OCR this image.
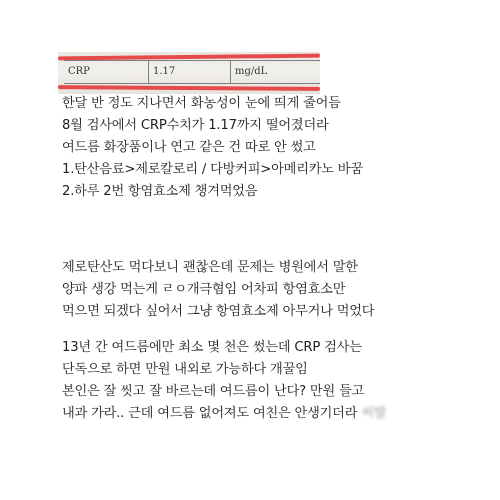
CRP	1.17	mg/dL
한달 반 정도 지나면서 화농성이 눈에 띄게 줄어듬
8월 검사에서 CRP수치가 1.17까지 떨어졌더라
여드름 화장품이나 연고 같은 건 따로 안 썼고
1.탄산음료>제로칼로리 / 다방커피>아메리카노 바꿈
2.하루 2번 항염효소제 챙겨먹었음
제로탄산도 먹다보니 괜찮은데 문제는 병원에서 말한
양파 생강 먹는게 ㄹㅇ개극혐임 어차피 항염효소만
먹으면 되겠다 싶어서 그냥 항염효소제 아무거나 먹었다
13년 간 여드름에만 최소 몇 천은 썼는데 CRP 검사는
단독으로 하면 만원 내외로 가능하다 개꿀임
본인은 잘 씻고 잘 바르는데 여드름이 난다? 만원 들고
내과 가라.. 근데 여드름 없어져도 여친은 안생기더라 씨발
